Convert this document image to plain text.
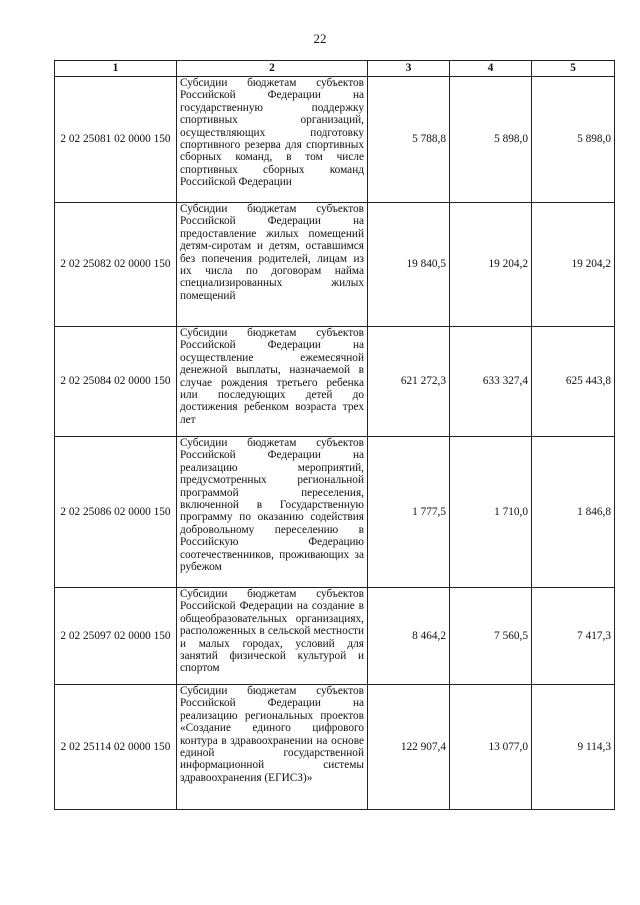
22
1	2	3	4	5
2 02 25081 02 0000 150	Субсидии бюджетам субъектов Российской Федерации на государственную поддержку спортивных организаций, осуществляющих подготовку спортивного резерва для спортивных сборных команд, в том числе спортивных сборных команд Российской Федерации	5 788,8	5 898,0	5 898,0
2 02 25082 02 0000 150	Субсидии бюджетам субъектов Российской Федерации на предоставление жилых помещений детям-сиротам и детям, оставшимся без попечения родителей, лицам из их числа по договорам найма специализированных жилых помещений	19 840,5	19 204,2	19 204,2
2 02 25084 02 0000 150	Субсидии бюджетам субъектов Российской Федерации на осуществление ежемесячной денежной выплаты, назначаемой в случае рождения третьего ребенка или последующих детей до достижения ребенком возраста трех лет	621 272,3	633 327,4	625 443,8
2 02 25086 02 0000 150	Субсидии бюджетам субъектов Российской Федерации на реализацию мероприятий, предусмотренных региональной программой переселения, включенной в Государственную программу по оказанию содействия добровольному переселению в Российскую Федерацию соотечественников, проживающих за рубежом	1 777,5	1 710,0	1 846,8
2 02 25097 02 0000 150	Субсидии бюджетам субъектов Российской Федерации на создание в общеобразовательных организациях, расположенных в сельской местности и малых городах, условий для занятий физической культурой и спортом	8 464,2	7 560,5	7 417,3
2 02 25114 02 0000 150	Субсидии бюджетам субъектов Российской Федерации на реализацию региональных проектов «Создание единого цифрового контура в здравоохранении на основе единой государственной информационной системы здравоохранения (ЕГИСЗ)»	122 907,4	13 077,0	9 114,3
